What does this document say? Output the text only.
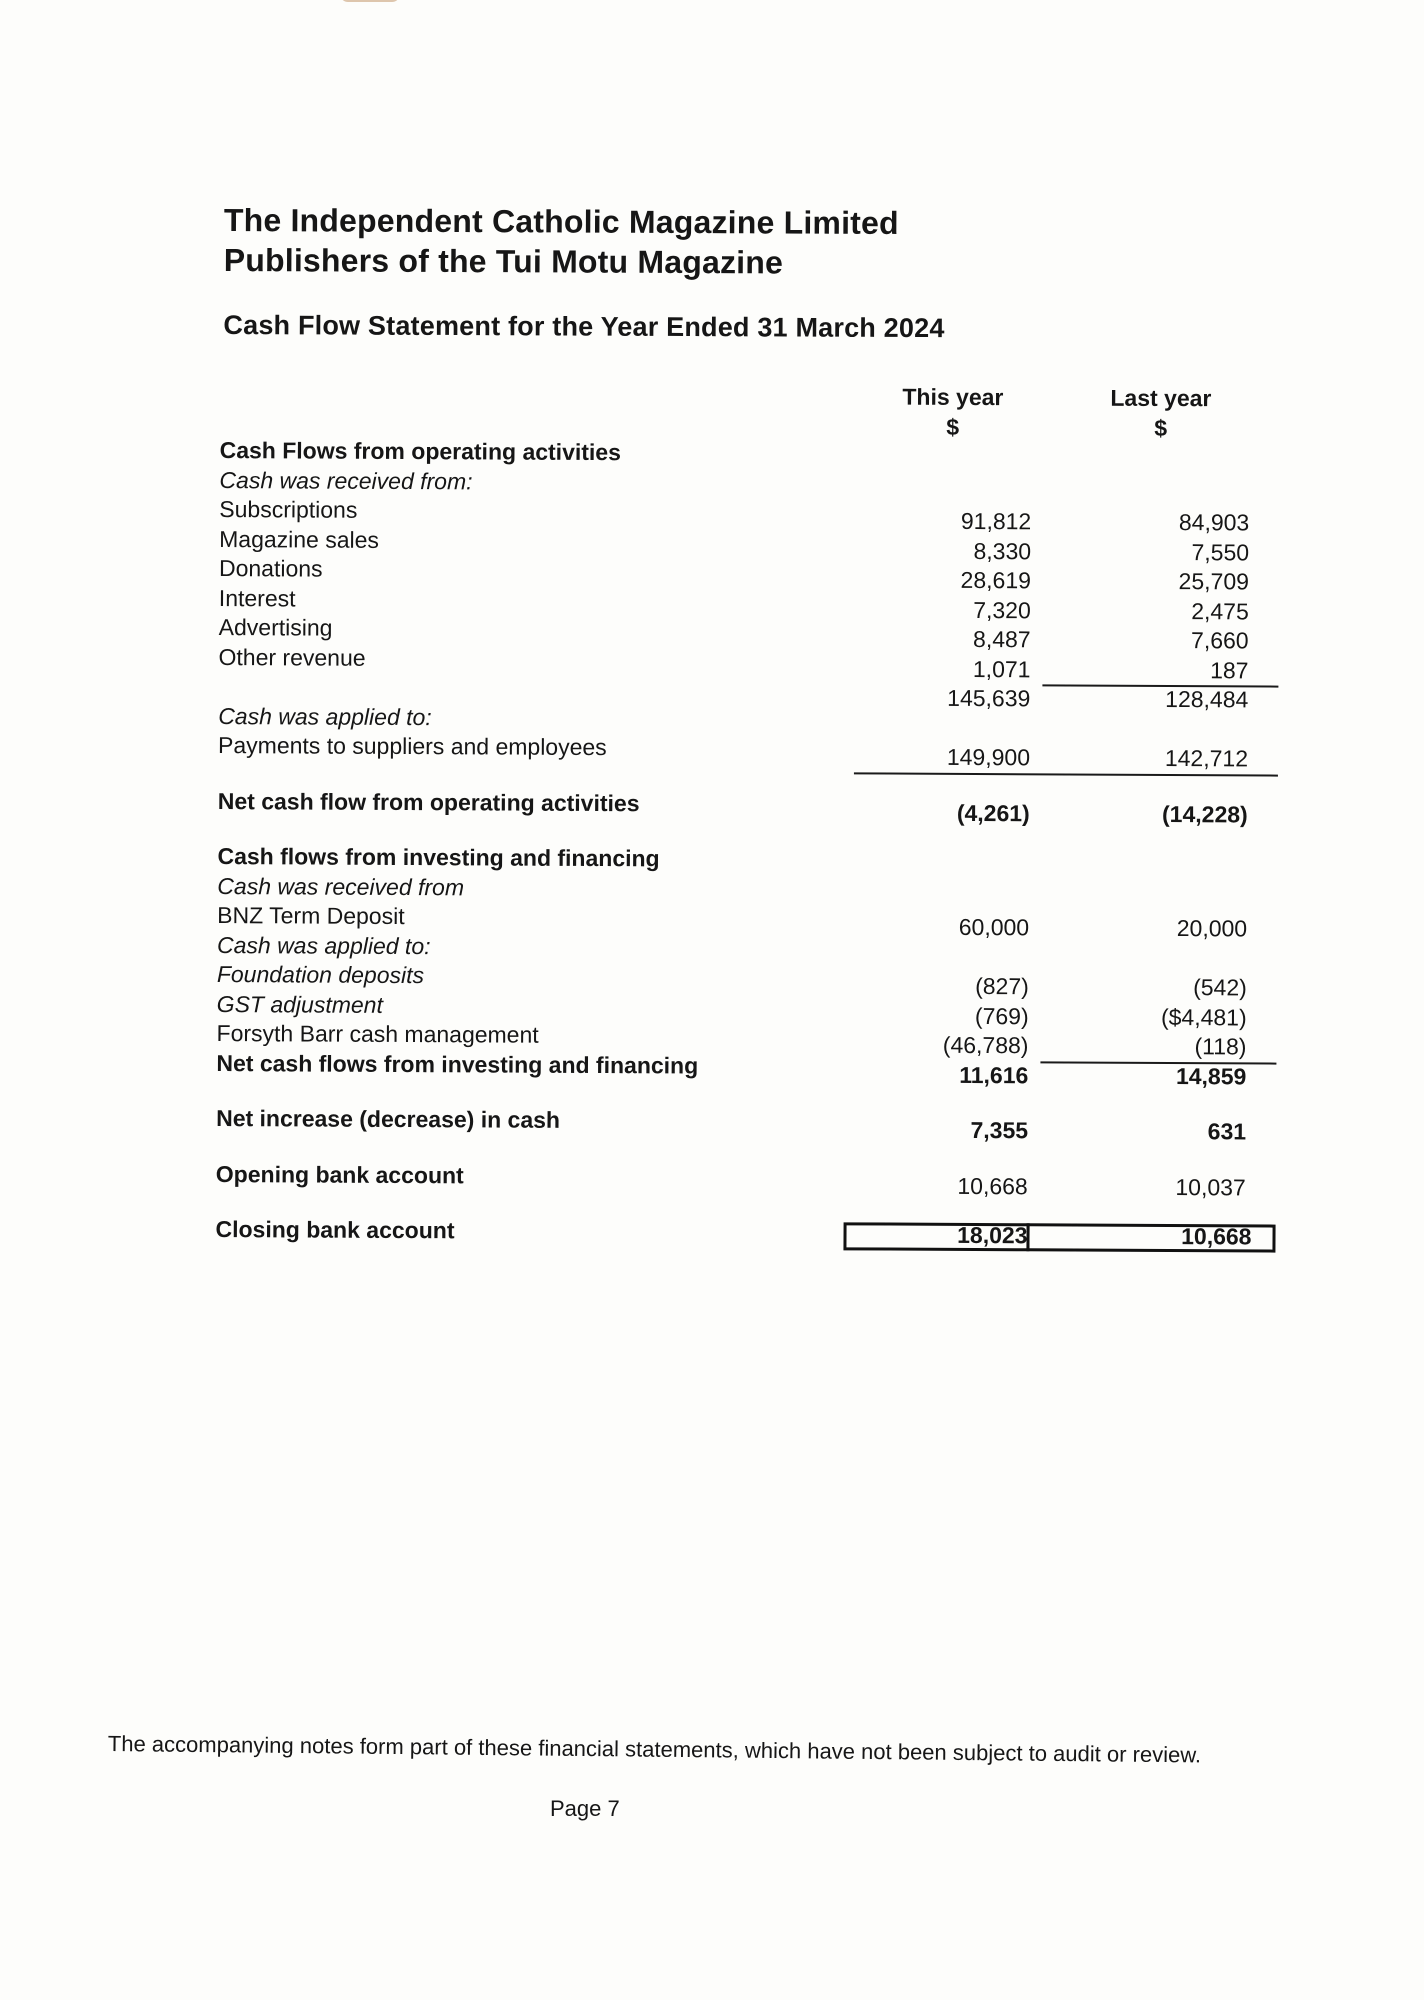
The Independent Catholic Magazine Limited
Publishers of the Tui Motu Magazine
Cash Flow Statement for the Year Ended 31 March 2024
This year
$
Last year
$
Cash Flows from operating activities
Cash was received from:
Subscriptions	91,812	84,903
Magazine sales	8,330	7,550
Donations	28,619	25,709
Interest	7,320	2,475
Advertising	8,487	7,660
Other revenue	1,071	187
145,639	128,484
Cash was applied to:
Payments to suppliers and employees	149,900	142,712
Net cash flow from operating activities	(4,261)	(14,228)
Cash flows from investing and financing
Cash was received from
BNZ Term Deposit	60,000	20,000
Cash was applied to:
Foundation deposits	(827)	(542)
GST adjustment	(769)	($4,481)
Forsyth Barr cash management	(46,788)	(118)
Net cash flows from investing and financing	11,616	14,859
Net increase (decrease) in cash	7,355	631
Opening bank account	10,668	10,037
Closing bank account	18,023	10,668
The accompanying notes form part of these financial statements, which have not been subject to audit or review.
Page 7
